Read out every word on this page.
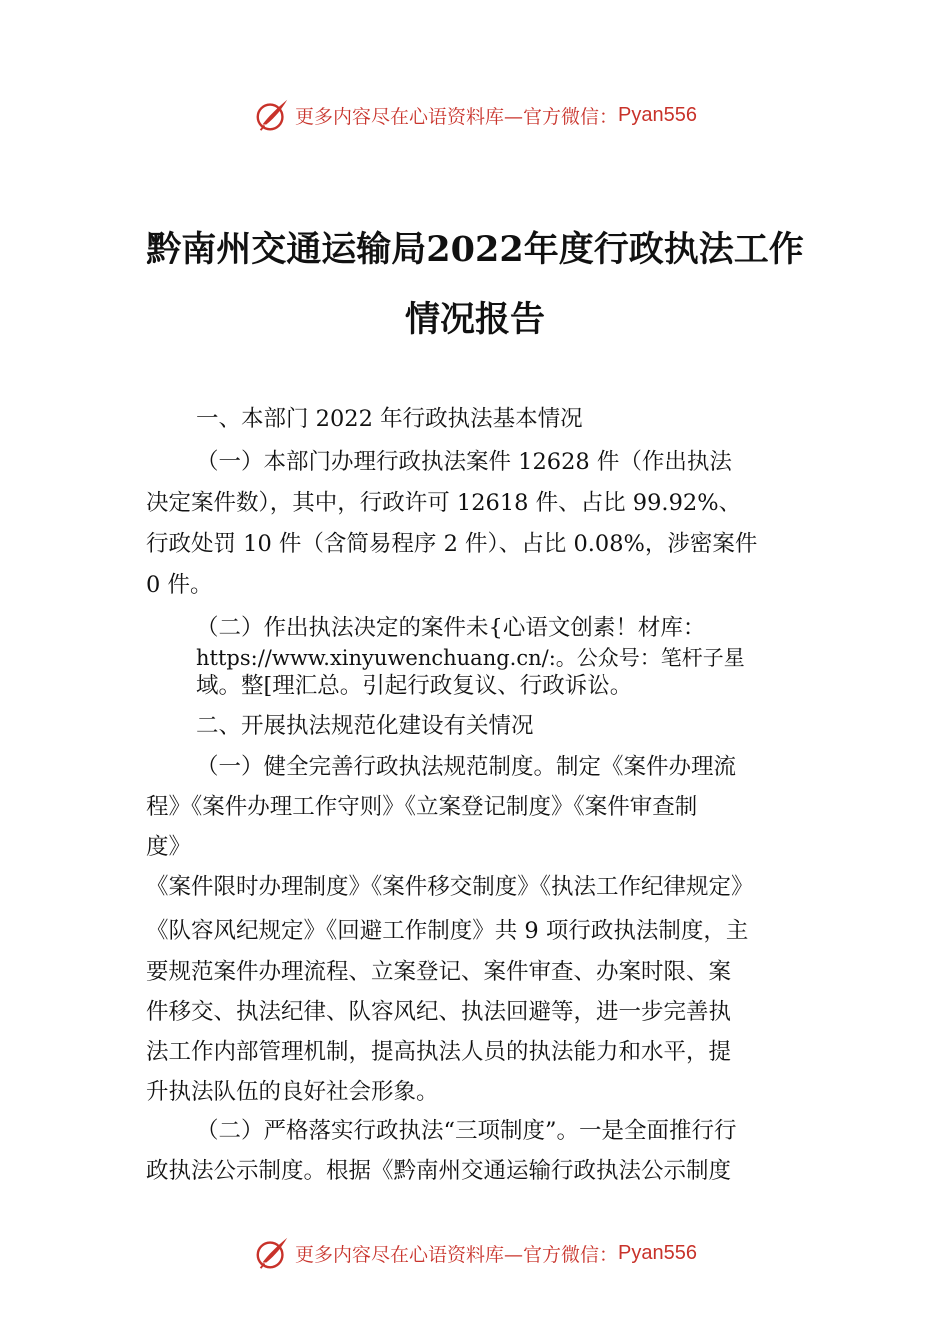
更多内容尽在心语资料库—官方微信： Pyan556
黔南州交通运输局2022年度行政执法工作
情况报告
一、本部门 2022 年行政执法基本情况
（一）本部门办理行政执法案件 12628 件（作出执法
决定案件数），其中，行政许可 12618 件、占比 99.92%、
行政处罚 10 件（含简易程序 2 件）、占比 0.08%，涉密案件
0 件。
（二）作出执法决定的案件未{心语文创素！材库：
https://www.xinyuwenchuang.cn/:。公众号：笔杆子星
域。整[理汇总。引起行政复议、行政诉讼。
二、开展执法规范化建设有关情况
（一）健全完善行政执法规范制度。制定《案件办理流
程》《案件办理工作守则》《立案登记制度》《案件审查制
度》
《案件限时办理制度》《案件移交制度》《执法工作纪律规定》
《队容风纪规定》《回避工作制度》共 9 项行政执法制度，主
要规范案件办理流程、立案登记、案件审查、办案时限、案
件移交、执法纪律、队容风纪、执法回避等，进一步完善执
法工作内部管理机制，提高执法人员的执法能力和水平，提
升执法队伍的良好社会形象。
（二）严格落实行政执法“三项制度”。一是全面推行行
政执法公示制度。根据《黔南州交通运输行政执法公示制度
更多内容尽在心语资料库—官方微信： Pyan556
